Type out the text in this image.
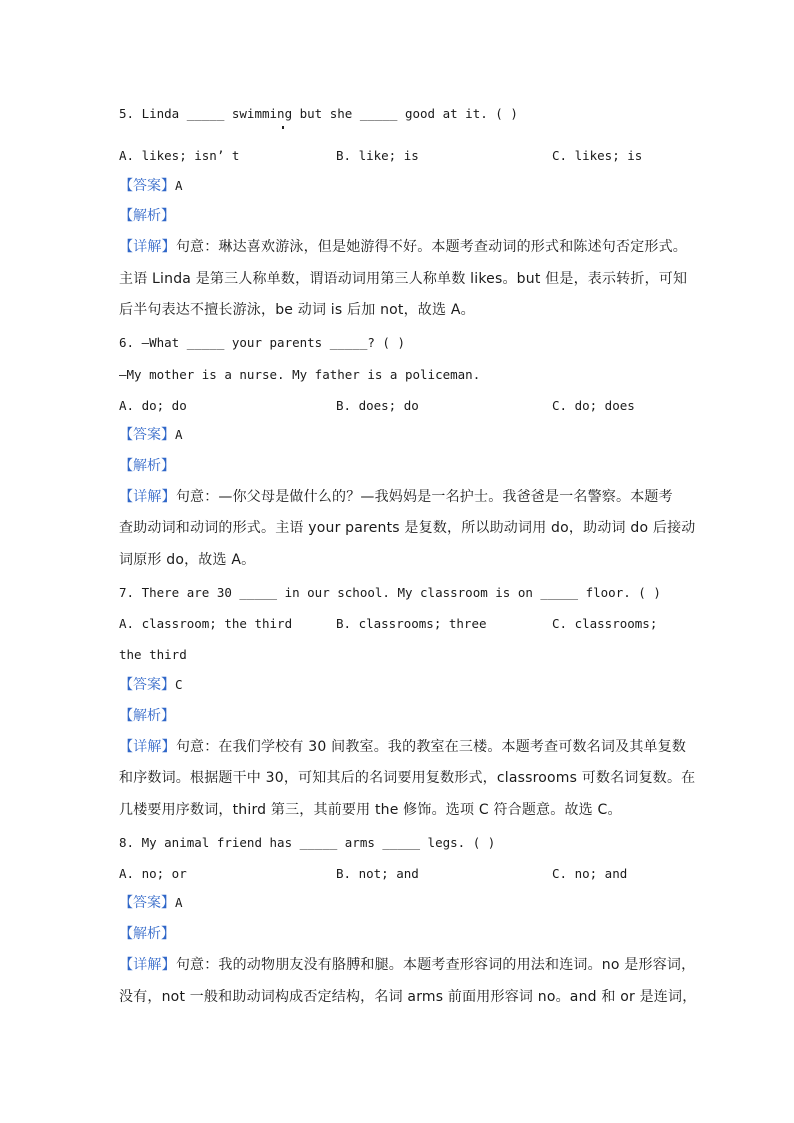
5. Linda _____ swimming but she _____ good at it. ( )
A. likes; isn’ t	B. like; is	C. likes; is
【答案】A
【解析】
【详解】句意：琳达喜欢游泳，但是她游得不好。本题考查动词的形式和陈述句否定形式。
主语 Linda 是第三人称单数，谓语动词用第三人称单数 likes。but 但是，表示转折，可知
后半句表达不擅长游泳，be 动词 is 后加 not，故选 A。
6. —What _____ your parents _____? ( )
—My mother is a nurse. My father is a policeman.
A. do; do	B. does; do	C. do; does
【答案】A
【解析】
【详解】句意：—你父母是做什么的？—我妈妈是一名护士。我爸爸是一名警察。本题考
查助动词和动词的形式。主语 your parents 是复数，所以助动词用 do，助动词 do 后接动
词原形 do，故选 A。
7. There are 30 _____ in our school. My classroom is on _____ floor. ( )
A. classroom; the third	B. classrooms; three	C. classrooms;
the third
【答案】C
【解析】
【详解】句意：在我们学校有 30 间教室。我的教室在三楼。本题考查可数名词及其单复数
和序数词。根据题干中 30，可知其后的名词要用复数形式，classrooms 可数名词复数。在
几楼要用序数词，third 第三，其前要用 the 修饰。选项 C 符合题意。故选 C。
8. My animal friend has _____ arms _____ legs. ( )
A. no; or	B. not; and	C. no; and
【答案】A
【解析】
【详解】句意：我的动物朋友没有胳膊和腿。本题考查形容词的用法和连词。no 是形容词，
没有，not 一般和助动词构成否定结构，名词 arms 前面用形容词 no。and 和 or 是连词，
